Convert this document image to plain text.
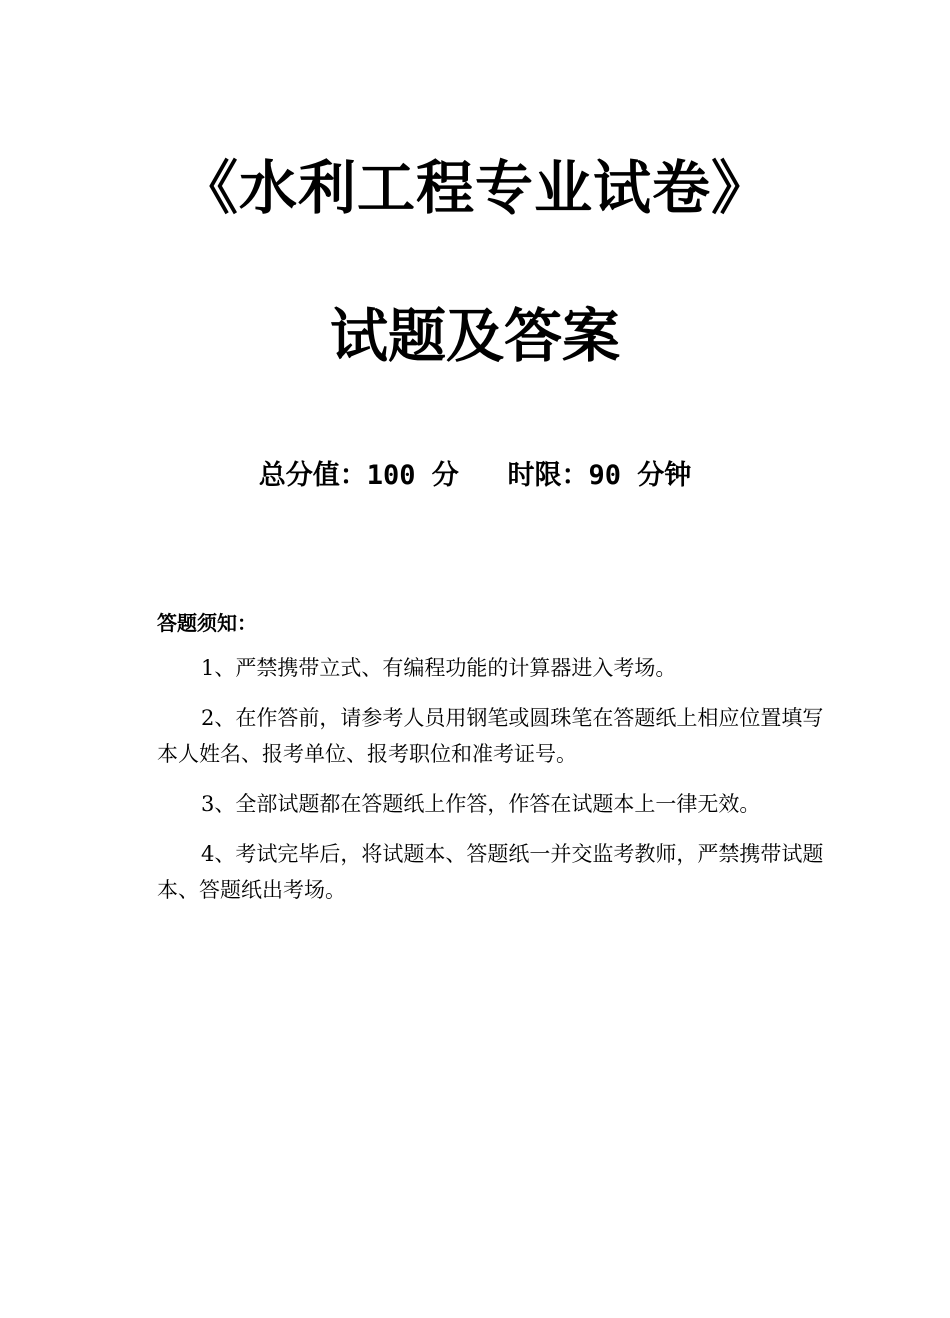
《水利工程专业试卷》
试题及答案
总分值：100 分   时限：90 分钟
答题须知：

1、严禁携带立式、有编程功能的计算器进入考场。

2、在作答前，请参考人员用钢笔或圆珠笔在答题纸上相应位置填写本人姓名、报考单位、报考职位和准考证号。

3、全部试题都在答题纸上作答，作答在试题本上一律无效。

4、考试完毕后，将试题本、答题纸一并交监考教师，严禁携带试题本、答题纸出考场。
